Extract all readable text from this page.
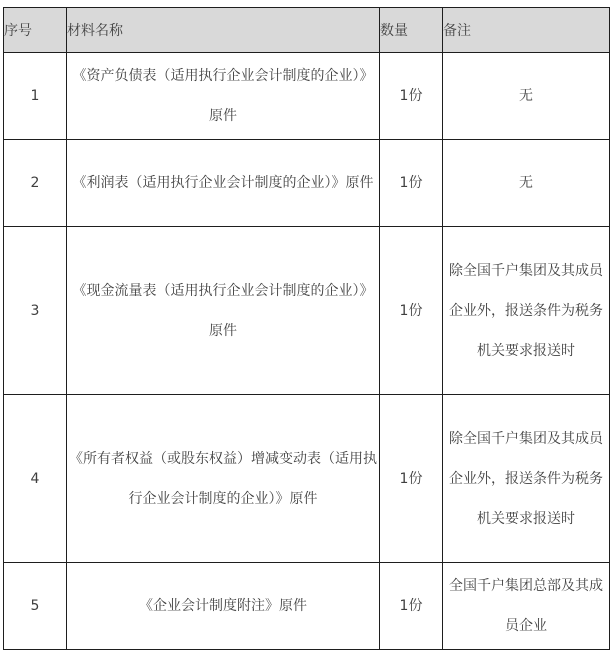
序号	材料名称	数量	备注
1	《资产负债表（适用执行企业会计制度的企业）》原件	1份	无
2	《利润表（适用执行企业会计制度的企业）》原件	1份	无
3	《现金流量表（适用执行企业会计制度的企业）》原件	1份	除全国千户集团及其成员企业外，报送条件为税务机关要求报送时
4	《所有者权益（或股东权益）增减变动表（适用执行企业会计制度的企业）》原件	1份	除全国千户集团及其成员企业外，报送条件为税务机关要求报送时
5	《企业会计制度附注》原件	1份	全国千户集团总部及其成员企业
